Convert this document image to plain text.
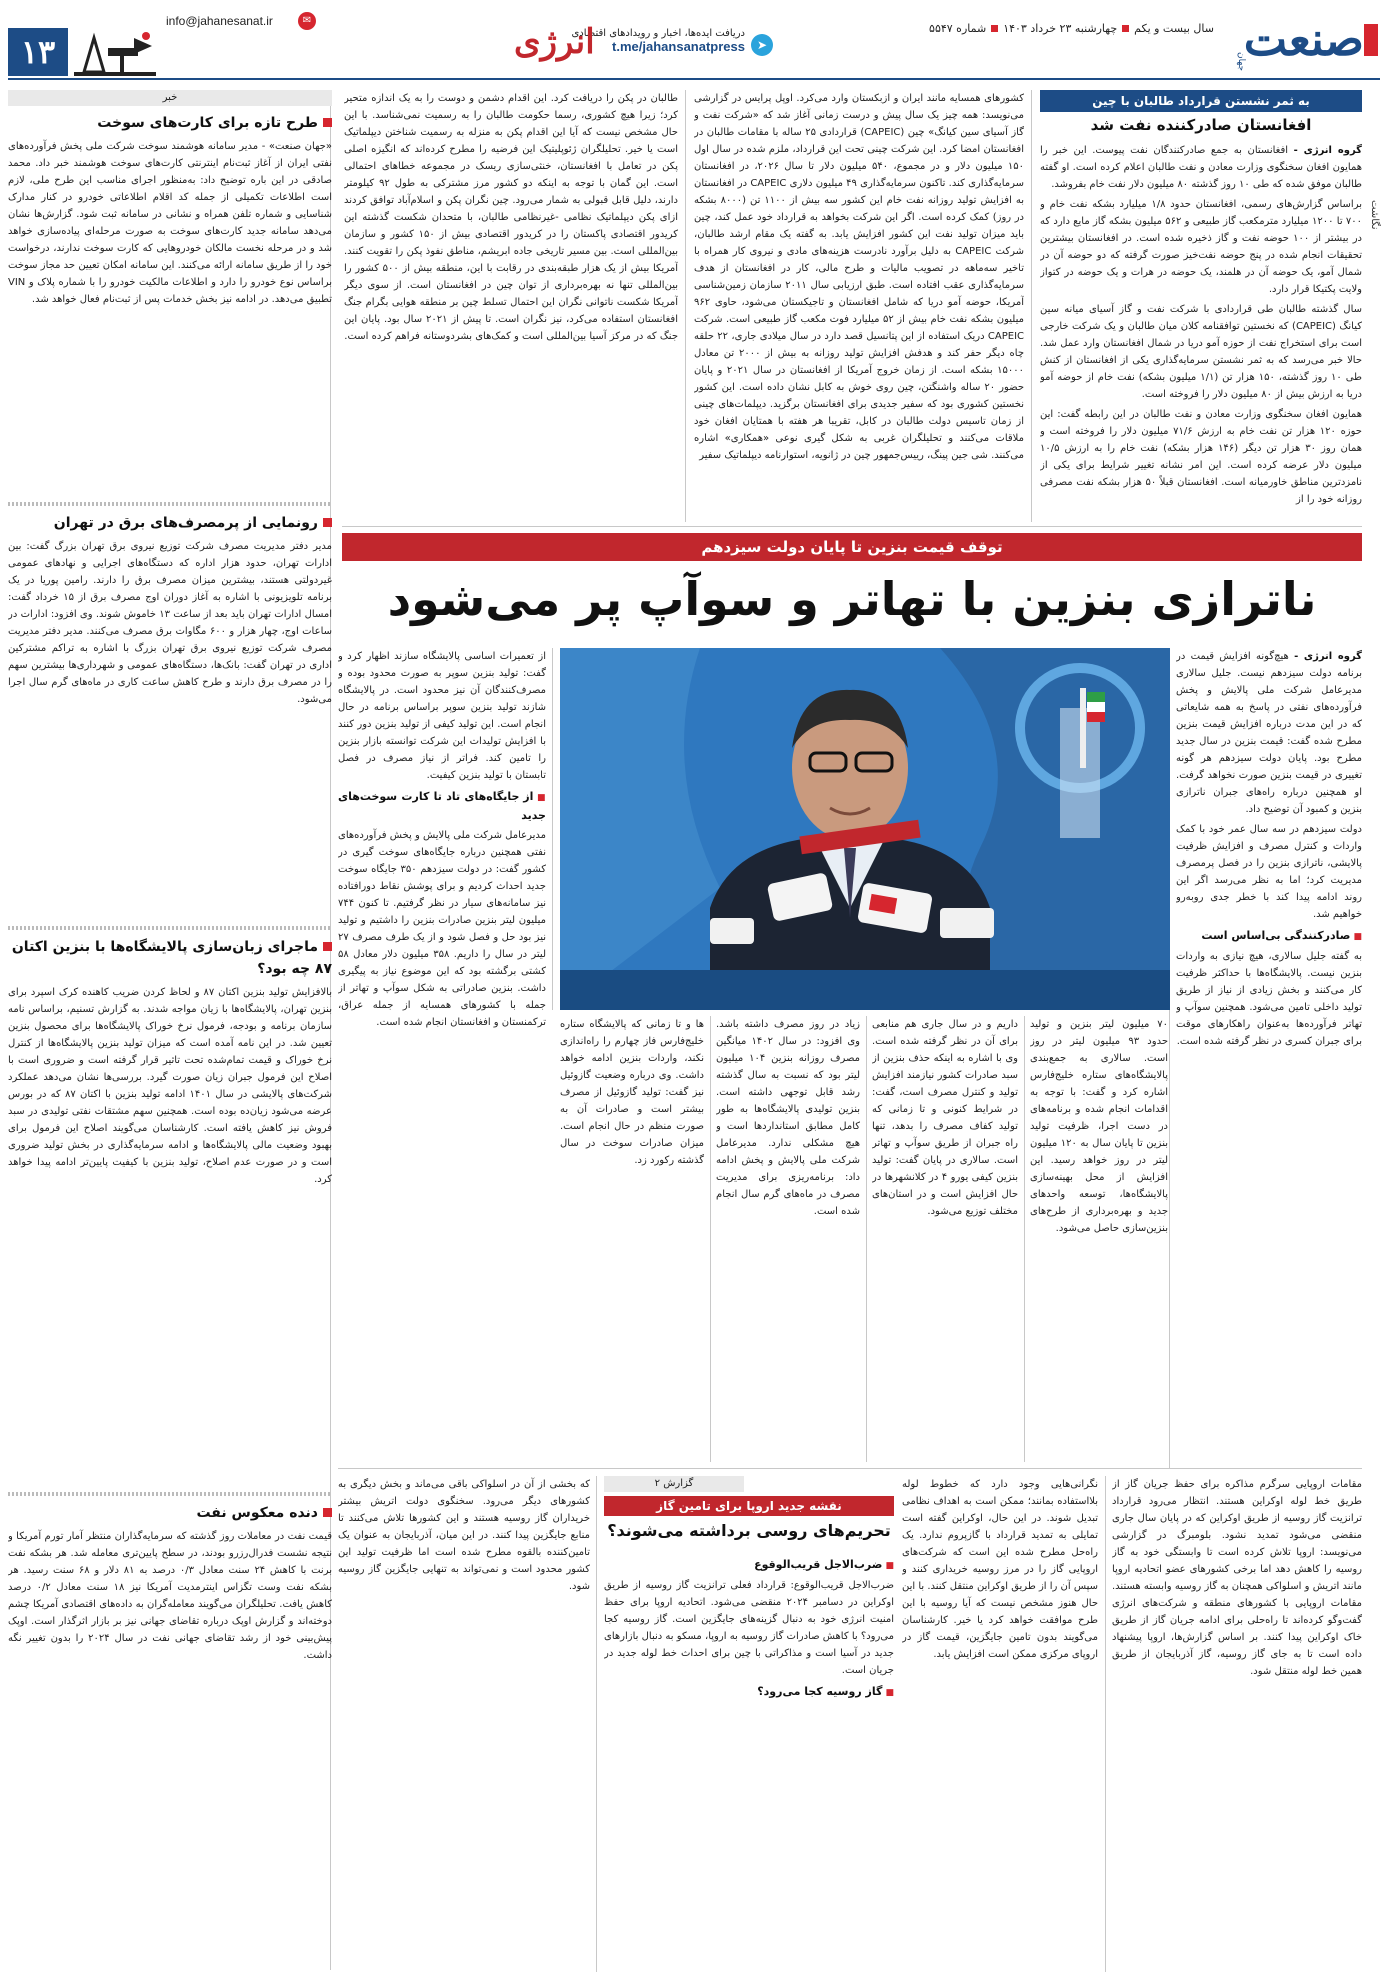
صنعت
جهان
سال بیست و یکمچهارشنبه ۲۳ خرداد ۱۴۰۳شماره ۵۵۴۷
➤
دریافت ایده‌ها، اخبار و رویدادهای اقتصادی
t.me/jahansanatpress
انرژی
✉
info@jahanesanat.ir
۱۳
به ثمر نشستن قرارداد طالبان با چین
افغانستان صادرکننده نفت شد
نگاشت

گروه انرژی - افغانستان به جمع صادرکنندگان نفت پیوست. این خبر را همایون افغان سخنگوی وزارت معادن و نفت طالبان اعلام کرده است. او گفته طالبان موفق شده که طی ۱۰ روز گذشته ۸۰ میلیون دلار نفت خام بفروشد.

براساس گزارش‌های رسمی، افغانستان حدود ۱/۸ میلیارد بشکه نفت خام و ۷۰۰ تا ۱۲۰۰ میلیارد مترمکعب گاز طبیعی و ۵۶۲ میلیون بشکه گاز مایع دارد که در بیشتر از ۱۰۰ حوضه نفت و گاز ذخیره شده است. در افغانستان بیشترین تحقیقات انجام شده در پنج حوضه نفت‌خیز صورت گرفته که دو حوضه آن در شمال آمو، یک حوضه آن در هلمند، یک حوضه در هرات و یک حوضه در کتواز ولایت پکتیکا قرار دارد.

سال گذشته طالبان طی قراردادی با شرکت نفت و گاز آسیای میانه سین کیانگ (CAPEIC) که نخستین توافقنامه کلان میان طالبان و یک شرکت خارجی است برای استخراج نفت از حوزه آمو دریا در شمال افغانستان وارد عمل شد. حالا خبر می‌رسد که به ثمر نشستن سرمایه‌گذاری یکی از افغانستان از کنش طی ۱۰ روز گذشته، ۱۵۰ هزار تن (۱/۱ میلیون بشکه) نفت خام از حوضه آمو دریا به ارزش بیش از ۸۰ میلیون دلار را فروخته است.

همایون افغان سخنگوی وزارت معادن و نفت طالبان در این رابطه گفت: این حوزه ۱۲۰ هزار تن نفت خام به ارزش ۷۱/۶ میلیون دلار را فروخته است و همان روز ۳۰ هزار تن دیگر (۱۴۶ هزار بشکه) نفت خام را به ارزش ۱۰/۵ میلیون دلار عرضه کرده است. این امر نشانه تغییر شرایط برای یکی از نامزدترین مناطق خاورمیانه است. افغانستان قبلاً ۵۰ هزار بشکه نفت مصرفی روزانه خود را از

کشورهای همسایه مانند ایران و ازبکستان وارد می‌کرد. اوپل پرایس در گزارشی می‌نویسد: همه چیز یک سال پیش و درست زمانی آغاز شد که «شرکت نفت و گاز آسیای سین کیانگ» چین (CAPEIC) قراردادی ۲۵ ساله با مقامات طالبان در افغانستان امضا کرد. این شرکت چینی تحت این قرارداد، ملزم شده در سال اول ۱۵۰ میلیون دلار و در مجموع، ۵۴۰ میلیون دلار تا سال ۲۰۲۶، در افغانستان سرمایه‌گذاری کند. تاکنون سرمایه‌گذاری ۴۹ میلیون دلاری CAPEIC در افغانستان به افزایش تولید روزانه نفت خام این کشور سه بیش از ۱۱۰۰ تن (۸۰۰۰ بشکه در روز) کمک کرده است. اگر این شرکت بخواهد به قرارداد خود عمل کند، چین باید میزان تولید نفت این کشور افزایش یابد. به گفته یک مقام ارشد طالبان، شرکت CAPEIC به دلیل برآورد نادرست هزینه‌های مادی و نیروی کار همراه با تاخیر سه‌ماهه در تصویب مالیات و طرح مالی، کار در افغانستان از هدف سرمایه‌گذاری عقب افتاده است. طبق ارزیابی سال ۲۰۱۱ سازمان زمین‌شناسی آمریکا، حوضه آمو دریا که شامل افغانستان و تاجیکستان می‌شود، حاوی ۹۶۲ میلیون بشکه نفت خام بیش از ۵۲ میلیارد فوت مکعب گاز طبیعی است. شرکت CAPEIC دریک استفاده از این پتانسیل قصد دارد در سال میلادی جاری، ۲۲ حلقه چاه دیگر حفر کند و هدفش افزایش تولید روزانه به بیش از ۲۰۰۰ تن معادل ۱۵۰۰۰ بشکه است. از زمان خروج آمریکا از افغانستان در سال ۲۰۲۱ و پایان حضور ۲۰ ساله واشنگتن، چین روی خوش به کابل نشان داده است. این کشور نخستین کشوری بود که سفیر جدیدی برای افغانستان برگزید. دیپلمات‌های چینی از زمان تاسیس دولت طالبان در کابل، تقریبا هر هفته با همتایان افغان خود ملاقات می‌کنند و تحلیلگران غربی به شکل گیری نوعی «همکاری» اشاره می‌کنند. شی جین پینگ، رییس‌جمهور چین در ژانویه، استوارنامه دیپلماتیک سفیر

طالبان در پکن را دریافت کرد. این اقدام دشمن و دوست را به یک اندازه متحیر کرد؛ زیرا هیچ کشوری، رسما حکومت طالبان را به رسمیت نمی‌شناسد. با این حال مشخص نیست که آیا این اقدام پکن به منزله به رسمیت شناختن دیپلماتیک است یا خیر. تحلیلگران ژئوپلیتیک این فرضیه را مطرح کرده‌اند که انگیزه اصلی پکن در تعامل با افغانستان، خنثی‌سازی ریسک در مجموعه خطاهای احتمالی است. این گمان با توجه به اینکه دو کشور مرز مشترکی به طول ۹۲ کیلومتر دارند، دلیل قابل قبولی به شمار می‌رود. چین نگران پکن و اسلام‌آباد توافق کردند ازای پکن دیپلماتیک نظامی -غیرنظامی طالبان، با متحدان شکست گذشته این کریدور اقتصادی پاکستان را در کریدور اقتصادی بیش از ۱۵۰ کشور و سازمان بین‌المللی است. بین مسیر تاریخی جاده ابریشم، مناطق نفوذ پکن را تقویت کنند. آمریکا بیش از یک هزار طبقه‌بندی در رقابت با این، منطقه بیش از ۵۰۰ کشور را بین‌المللی تنها نه بهره‌برداری از توان چین در افغانستان است. از سوی دیگر آمریکا شکست ناتوانی نگران این احتمال تسلط چین بر منطقه هوایی بگرام جنگ افغانستان استفاده می‌کرد، نیز نگران است. تا پیش از ۲۰۲۱ سال بود. پایان این جنگ که در مرکز آسیا بین‌المللی است و کمک‌های بشردوستانه فراهم کرده است.

توقف قیمت بنزین تا پایان دولت سیزدهم
ناترازی بنزین با تهاتر و سوآپ پر می‌شود

گروه انرژی - هیچ‌گونه افزایش قیمت در برنامه دولت سیزدهم نیست. جلیل سالاری مدیرعامل شرکت ملی پالایش و پخش فرآورده‌های نفتی در پاسخ به همه شایعاتی که در این مدت درباره افزایش قیمت بنزین مطرح شده گفت: قیمت بنزین در سال جدید مطرح بود. پایان دولت سیزدهم هر گونه تغییری در قیمت بنزین صورت نخواهد گرفت. او همچنین درباره راه‌های جبران ناترازی بنزین و کمبود آن توضیح داد.

دولت سیزدهم در سه سال عمر خود با کمک واردات و کنترل مصرف و افزایش ظرفیت پالایشی، ناترازی بنزین را در فصل پرمصرف مدیریت کرد؛ اما به نظر می‌رسد اگر این روند ادامه پیدا کند با خطر جدی روبه‌رو خواهیم شد.

■ صادرکنندگی بی‌اساس است

به گفته جلیل سالاری، هیچ نیازی به واردات بنزین نیست. پالایشگاه‌ها با حداکثر ظرفیت کار می‌کنند و بخش زیادی از نیاز از طریق تولید داخلی تامین می‌شود. همچنین سوآپ و تهاتر فرآورده‌ها به‌عنوان راهکارهای موقت برای جبران کسری در نظر گرفته شده است.

از تعمیرات اساسی پالایشگاه سازند اظهار کرد و گفت: تولید بنزین سوپر به صورت محدود بوده و مصرف‌کنندگان آن نیز محدود است. در پالایشگاه شازند تولید بنزین سوپر براساس برنامه در حال انجام است. این تولید کیفی از تولید بنزین دور کنند با افزایش تولیدات این شرکت توانسته بازار بنزین را تامین کند. فراتر از نیاز مصرف در فصل تابستان با تولید بنزین کیفیت.

■ از جایگاه‌های تاد تا کارت سوخت‌های جدید

مدیرعامل شرکت ملی پالایش و پخش فرآورده‌های نفتی همچنین درباره جایگاه‌های سوخت گیری در کشور گفت: در دولت سیزدهم ۳۵۰ جایگاه سوخت جدید احداث کردیم و برای پوشش نقاط دورافتاده نیز سامانه‌های سیار در نظر گرفتیم. تا کنون ۷۴۴ میلیون لیتر بنزین صادرات بنزین را داشتیم و تولید نیز بود حل و فصل شود و از یک طرف مصرف ۲۷ لیتر در سال را داریم. ۳۵۸ میلیون دلار معادل ۵۸ کشتی برگشته بود که این موضوع نیاز به پیگیری داشت. بنزین صادراتی به شکل سوآپ و تهاتر از جمله با کشورهای همسایه از جمله عراق، ترکمنستان و افغانستان انجام شده است.	۷۰ میلیون لیتر بنزین و تولید حدود ۹۳ میلیون لیتر در روز است. سالاری به جمع‌بندی پالایشگاه‌های ستاره خلیج‌فارس اشاره کرد و گفت: با توجه به اقدامات انجام شده و برنامه‌های در دست اجرا، ظرفیت تولید بنزین تا پایان سال به ۱۲۰ میلیون لیتر در روز خواهد رسید. این افزایش از محل بهینه‌سازی پالایشگاه‌ها، توسعه واحدهای جدید و بهره‌برداری از طرح‌های بنزین‌سازی حاصل می‌شود.

داریم و در سال جاری هم منابعی برای آن در نظر گرفته شده است. وی با اشاره به اینکه حذف بنزین از سبد صادرات کشور نیازمند افزایش تولید و کنترل مصرف است، گفت: در شرایط کنونی و تا زمانی که تولید کفاف مصرف را بدهد، تنها راه جبران از طریق سوآپ و تهاتر است. سالاری در پایان گفت: تولید بنزین کیفی یورو ۴ در کلانشهرها در حال افزایش است و در استان‌های مختلف توزیع می‌شود.

زیاد در روز مصرف داشته باشد. وی افزود: در سال ۱۴۰۲ میانگین مصرف روزانه بنزین ۱۰۴ میلیون لیتر بود که نسبت به سال گذشته رشد قابل توجهی داشته است. بنزین تولیدی پالایشگاه‌ها به طور کامل مطابق استانداردها است و هیچ مشکلی ندارد. مدیرعامل شرکت ملی پالایش و پخش ادامه داد: برنامه‌ریزی برای مدیریت مصرف در ماه‌های گرم سال انجام شده است.

ها و تا زمانی که پالایشگاه ستاره خلیج‌فارس فاز چهارم را راه‌اندازی نکند، واردات بنزین ادامه خواهد داشت. وی درباره وضعیت گازوئیل نیز گفت: تولید گازوئیل از مصرف بیشتر است و صادرات آن به صورت منظم در حال انجام است. میزان صادرات سوخت در سال گذشته رکورد زد.

خبر
طرح تازه برای کارت‌های سوخت
«جهان صنعت» - مدیر سامانه هوشمند سوخت شرکت ملی پخش فرآورده‌های نفتی ایران از آغاز ثبت‌نام اینترنتی کارت‌های سوخت هوشمند خبر داد. محمد صادقی در این باره توضیح داد: به‌منظور اجرای مناسب این طرح ملی، لازم است اطلاعات تکمیلی از جمله کد اقلام اطلاعاتی خودرو در کنار مدارک شناسایی و شماره تلفن همراه و نشانی در سامانه ثبت شود. گزارش‌ها نشان می‌دهد سامانه جدید کارت‌های سوخت به صورت مرحله‌ای پیاده‌سازی خواهد شد و در مرحله نخست مالکان خودروهایی که کارت سوخت ندارند، درخواست خود را از طریق سامانه ارائه می‌کنند. این سامانه امکان تعیین حد مجاز سوخت براساس نوع خودرو را دارد و اطلاعات مالکیت خودرو را با شماره پلاک و VIN تطبیق می‌دهد. در ادامه نیز بخش خدمات پس از ثبت‌نام فعال خواهد شد.
رونمایی از پرمصرف‌های برق در تهران
مدیر دفتر مدیریت مصرف شرکت توزیع نیروی برق تهران بزرگ گفت: بین ادارات تهران، حدود هزار اداره که دستگاه‌های اجرایی و نهادهای عمومی غیردولتی هستند، بیشترین میزان مصرف برق را دارند. رامین پوریا در یک برنامه تلویزیونی با اشاره به آغاز دوران اوج مصرف برق از ۱۵ خرداد گفت: امسال ادارات تهران باید بعد از ساعت ۱۳ خاموش شوند. وی افزود: ادارات در ساعات اوج، چهار هزار و ۶۰۰ مگاوات برق مصرف می‌کنند. مدیر دفتر مدیریت مصرف شرکت توزیع نیروی برق تهران بزرگ با اشاره به تراکم مشترکین اداری در تهران گفت: بانک‌ها، دستگاه‌های عمومی و شهرداری‌ها بیشترین سهم را در مصرف برق دارند و طرح کاهش ساعت کاری در ماه‌های گرم سال اجرا می‌شود.
ماجرای زبان‌سازی پالایشگاه‌ها با بنزین اکتان ۸۷ چه بود؟
بالافزایش تولید بنزین اکتان ۸۷ و لحاظ کردن ضریب کاهنده کرک اسپرد برای بنزین تهران، پالایشگاه‌ها با زیان مواجه شدند. به گزارش تسنیم، براساس نامه سازمان برنامه و بودجه، فرمول نرخ خوراک پالایشگاه‌ها برای محصول بنزین تعیین شد. در این نامه آمده است که میزان تولید بنزین پالایشگاه‌ها از کنترل نرخ خوراک و قیمت تمام‌شده تحت تاثیر قرار گرفته است و ضروری است با اصلاح این فرمول جبران زیان صورت گیرد. بررسی‌ها نشان می‌دهد عملکرد شرکت‌های پالایشی در سال ۱۴۰۱ ادامه تولید بنزین با اکتان ۸۷ که در بورس عرضه می‌شود زیان‌ده بوده است. همچنین سهم مشتقات نفتی تولیدی در سبد فروش نیز کاهش یافته است. کارشناسان می‌گویند اصلاح این فرمول برای بهبود وضعیت مالی پالایشگاه‌ها و ادامه سرمایه‌گذاری در بخش تولید ضروری است و در صورت عدم اصلاح، تولید بنزین با کیفیت پایین‌تر ادامه پیدا خواهد کرد.
دنده معکوس نفت
قیمت نفت در معاملات روز گذشته که سرمایه‌گذاران منتظر آمار تورم آمریکا و نتیجه نشست فدرال‌رزرو بودند، در سطح پایین‌تری معامله شد. هر بشکه نفت برنت با کاهش ۲۴ سنت معادل ۰/۳ درصد به ۸۱ دلار و ۶۸ سنت رسید. هر بشکه نفت وست تگزاس اینترمدیت آمریکا نیز ۱۸ سنت معادل ۰/۲ درصد کاهش یافت. تحلیلگران می‌گویند معامله‌گران به داده‌های اقتصادی آمریکا چشم دوخته‌اند و گزارش اوپک درباره تقاضای جهانی نیز بر بازار اثرگذار است. اوپک پیش‌بینی خود از رشد تقاضای جهانی نفت در سال ۲۰۲۴ را بدون تغییر نگه داشت.
گزارش ۲
نقشه جدید اروپا برای تامین گاز
تحریم‌های روسی برداشته می‌شوند؟

مقامات اروپایی سرگرم مذاکره برای حفظ جریان گاز از طریق خط لوله اوکراین هستند. انتظار می‌رود قرارداد ترانزیت گاز روسیه از طریق اوکراین که در پایان سال جاری منقضی می‌شود تمدید نشود. بلومبرگ در گزارشی می‌نویسد: اروپا تلاش کرده است تا وابستگی خود به گاز روسیه را کاهش دهد اما برخی کشورهای عضو اتحادیه اروپا مانند اتریش و اسلواکی همچنان به گاز روسیه وابسته هستند. مقامات اروپایی با کشورهای منطقه و شرکت‌های انرژی گفت‌وگو کرده‌اند تا راه‌حلی برای ادامه جریان گاز از طریق خاک اوکراین پیدا کنند. بر اساس گزارش‌ها، اروپا پیشنهاد داده است تا به جای گاز روسیه، گاز آذربایجان از طریق همین خط لوله منتقل شود.

نگرانی‌هایی وجود دارد که خطوط لوله بلااستفاده بمانند؛ ممکن است به اهداف نظامی تبدیل شوند. در این حال، اوکراین گفته است تمایلی به تمدید قرارداد با گازپروم ندارد. یک راه‌حل مطرح شده این است که شرکت‌های اروپایی گاز را در مرز روسیه خریداری کنند و سپس آن را از طریق اوکراین منتقل کنند. با این حال هنوز مشخص نیست که آیا روسیه با این طرح موافقت خواهد کرد یا خیر. کارشناسان می‌گویند بدون تامین جایگزین، قیمت گاز در اروپای مرکزی ممکن است افزایش یابد.

■ ضرب‌الاجل قریب‌الوقوع

ضرب‌الاجل قریب‌الوقوع: قرارداد فعلی ترانزیت گاز روسیه از طریق اوکراین در دسامبر ۲۰۲۴ منقضی می‌شود. اتحادیه اروپا برای حفظ امنیت انرژی خود به دنبال گزینه‌های جایگزین است. گاز روسیه کجا می‌رود؟ با کاهش صادرات گاز روسیه به اروپا، مسکو به دنبال بازارهای جدید در آسیا است و مذاکراتی با چین برای احداث خط لوله جدید در جریان است.

■ گاز روسیه کجا می‌رود؟

که بخشی از آن در اسلواکی باقی می‌ماند و بخش دیگری به کشورهای دیگر می‌رود. سخنگوی دولت اتریش بیشتر خریداران گاز روسیه هستند و این کشورها تلاش می‌کنند تا منابع جایگزین پیدا کنند. در این میان، آذربایجان به عنوان یک تامین‌کننده بالقوه مطرح شده است اما ظرفیت تولید این کشور محدود است و نمی‌تواند به تنهایی جایگزین گاز روسیه شود.
